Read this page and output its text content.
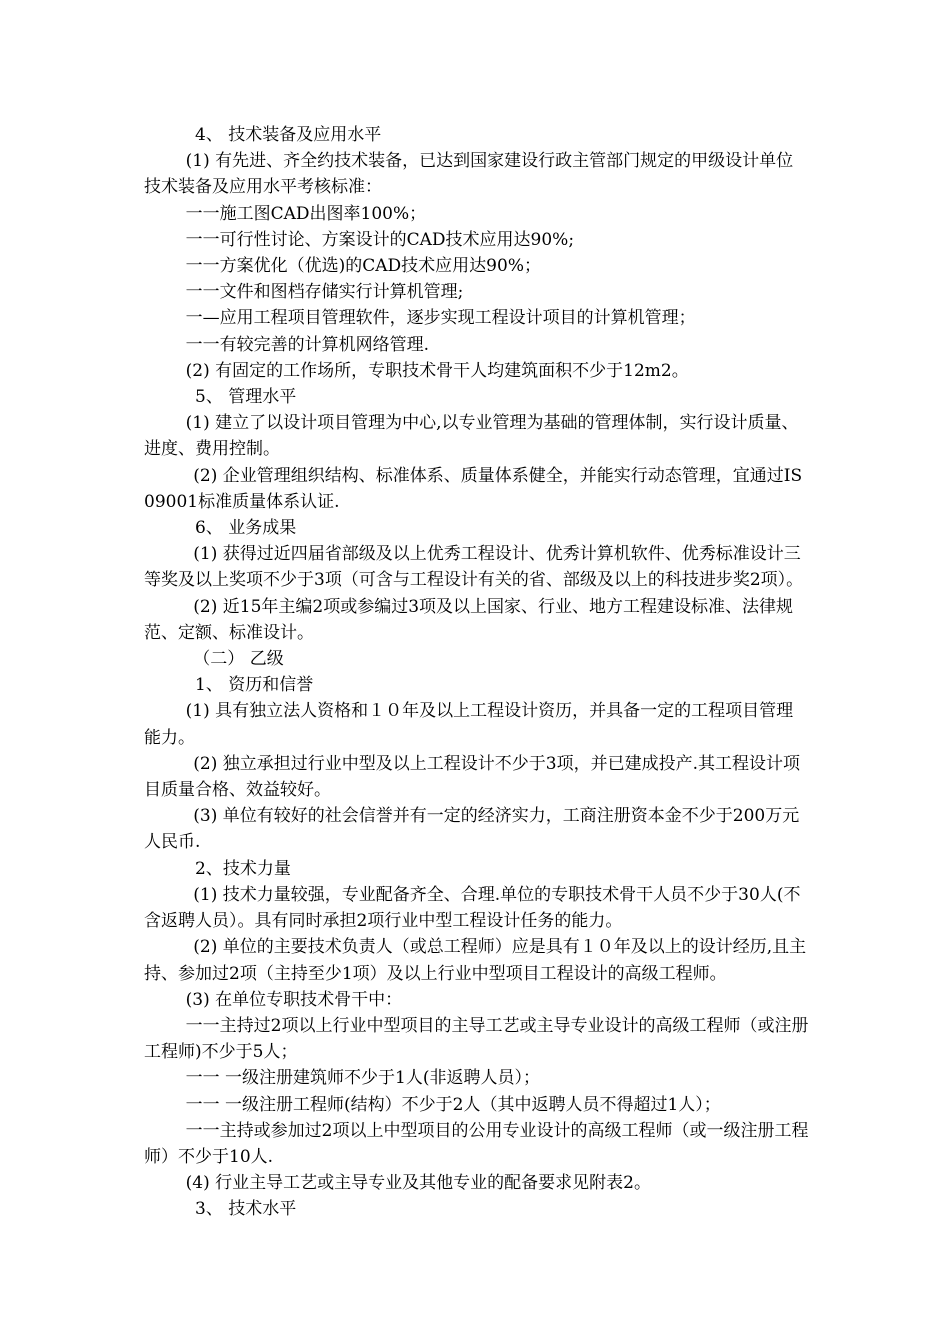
4、 技术装备及应用水平

(1) 有先进、齐全约技术装备，已达到国家建设行政主管部门规定的甲级设计单位技术装备及应用水平考核标准：

一一施工图CAD出图率100%；

一一可行性讨论、方案设计的CAD技术应用达90%;

一一方案优化（优选)的CAD技术应用达90%；

一一文件和图档存储实行计算机管理;

一—应用工程项目管理软件，逐步实现工程设计项目的计算机管理；

一一有较完善的计算机网络管理.

(2) 有固定的工作场所，专职技术骨干人均建筑面积不少于12m2。

5、 管理水平

(1) 建立了以设计项目管理为中心,以专业管理为基础的管理体制，实行设计质量、进度、费用控制。

(2) 企业管理组织结构、标准体系、质量体系健全，并能实行动态管理，宜通过IS09001标准质量体系认证.

6、 业务成果

(1) 获得过近四届省部级及以上优秀工程设计、优秀计算机软件、优秀标准设计三等奖及以上奖项不少于3项（可含与工程设计有关的省、部级及以上的科技进步奖2项）。

(2) 近15年主编2项或参编过3项及以上国家、行业、地方工程建设标准、法律规范、定额、标准设计。

（二） 乙级

1、 资历和信誉

(1) 具有独立法人资格和１０年及以上工程设计资历，并具备一定的工程项目管理能力。

(2) 独立承担过行业中型及以上工程设计不少于3项，并已建成投产.其工程设计项目质量合格、效益较好。

(3) 单位有较好的社会信誉并有一定的经济实力，工商注册资本金不少于200万元人民币.

2、技术力量

(1) 技术力量较强，专业配备齐全、合理.单位的专职技术骨干人员不少于30人(不含返聘人员）。具有同时承担2项行业中型工程设计任务的能力。

(2) 单位的主要技术负责人（或总工程师）应是具有１０年及以上的设计经历,且主持、参加过2项（主持至少1项）及以上行业中型项目工程设计的高级工程师。

(3) 在单位专职技术骨干中：

一一主持过2项以上行业中型项目的主导工艺或主导专业设计的高级工程师（或注册工程师)不少于5人；

一一 一级注册建筑师不少于1人(非返聘人员）；

一一 一级注册工程师(结构）不少于2人（其中返聘人员不得超过1人）；

一一主持或参加过2项以上中型项目的公用专业设计的高级工程师（或一级注册工程师）不少于10人.

(4) 行业主导工艺或主导专业及其他专业的配备要求见附表2。

3、 技术水平
